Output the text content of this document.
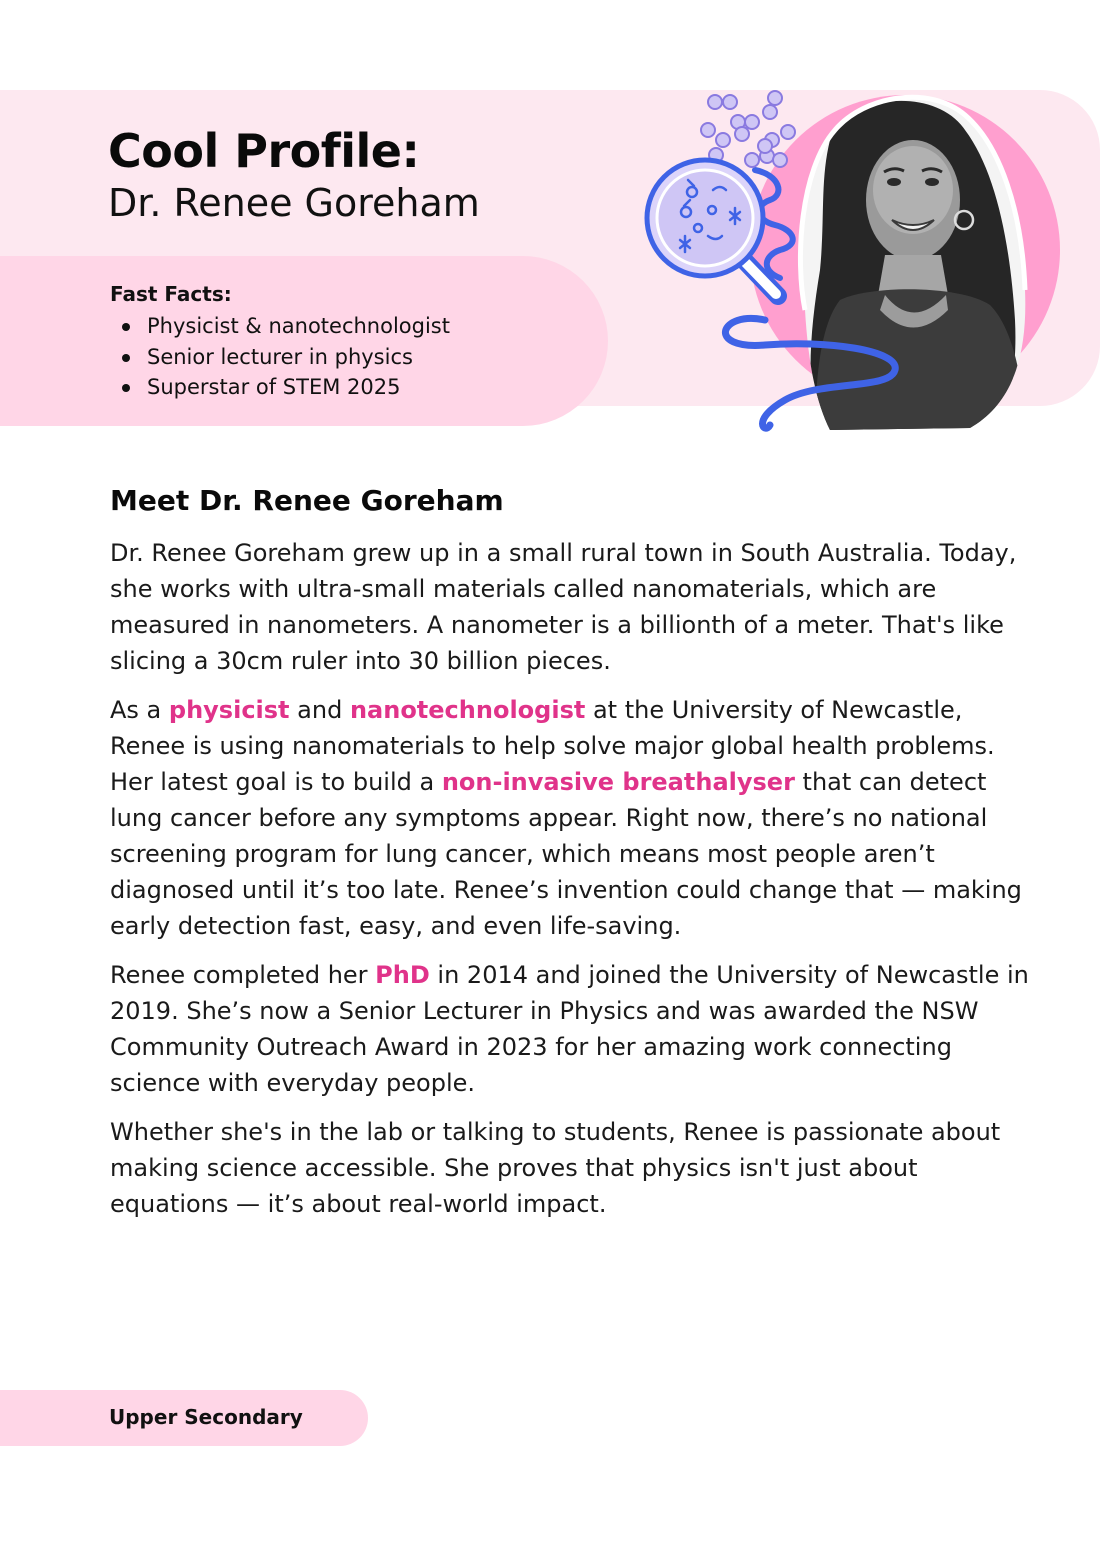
Cool Profile:
Dr. Renee Goreham
Fast Facts:
Physicist & nanotechnologist
Senior lecturer in physics
Superstar of STEM 2025
Meet Dr. Renee Goreham

Dr. Renee Goreham grew up in a small rural town in South Australia. Today, she works with ultra-small materials called nanomaterials, which are measured in nanometers. A nanometer is a billionth of a meter. That's like slicing a 30cm ruler into 30 billion pieces.

As a physicist and nanotechnologist at the University of Newcastle, Renee is using nanomaterials to help solve major global health problems. Her latest goal is to build a non-invasive breathalyser that can detect lung cancer before any symptoms appear. Right now, there’s no national screening program for lung cancer, which means most people aren’t diagnosed until it’s too late. Renee’s invention could change that — making early detection fast, easy, and even life-saving.

Renee completed her PhD in 2014 and joined the University of Newcastle in 2019. She’s now a Senior Lecturer in Physics and was awarded the NSW Community Outreach Award in 2023 for her amazing work connecting science with everyday people.

Whether she's in the lab or talking to students, Renee is passionate about making science accessible. She proves that physics isn't just about equations — it’s about real-world impact.

Upper Secondary
